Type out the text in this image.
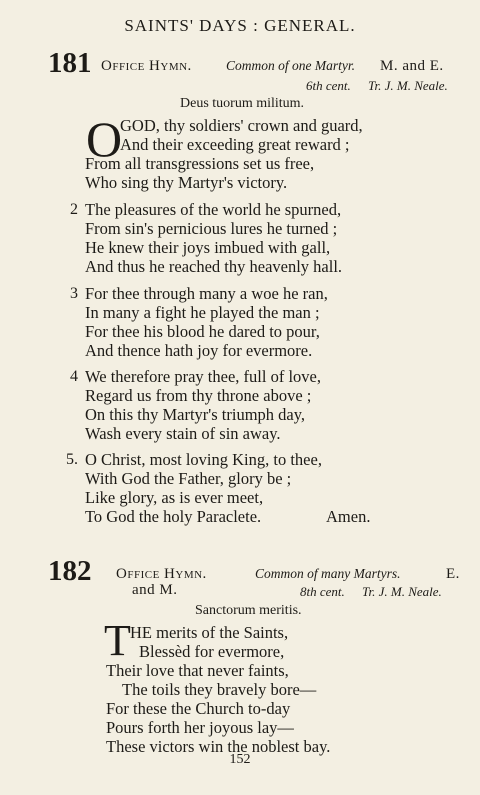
SAINTS' DAYS : GENERAL.
181 Office Hymn.	Common of one Martyr. M. and E.
6th cent. Tr. J. M. Neale.
Deus tuorum militum.
O
GOD, thy soldiers' crown and guard,
And their exceeding great reward ;
From all transgressions set us free,
Who sing thy Martyr's victory.
2 The pleasures of the world he spurned,
From sin's pernicious lures he turned ;
He knew their joys imbued with gall,
And thus he reached thy heavenly hall.
3 For thee through many a woe he ran,
In many a fight he played the man ;
For thee his blood he dared to pour,
And thence hath joy for evermore.
4 We therefore pray thee, full of love,
Regard us from thy throne above ;
On this thy Martyr's triumph day,
Wash every stain of sin away.
5. O Christ, most loving King, to thee,
With God the Father, glory be ;
Like glory, as is ever meet,
To God the holy Paraclete.	Amen.
182 Office Hymn.	Common of many Martyrs.	E.
and M.	8th cent. Tr. J. M. Neale.
Sanctorum meritis.
T HE merits of the Saints,
Blessèd for evermore,
Their love that never faints,
The toils they bravely bore—
For these the Church to-day
Pours forth her joyous lay—
These victors win the noblest bay.
152
